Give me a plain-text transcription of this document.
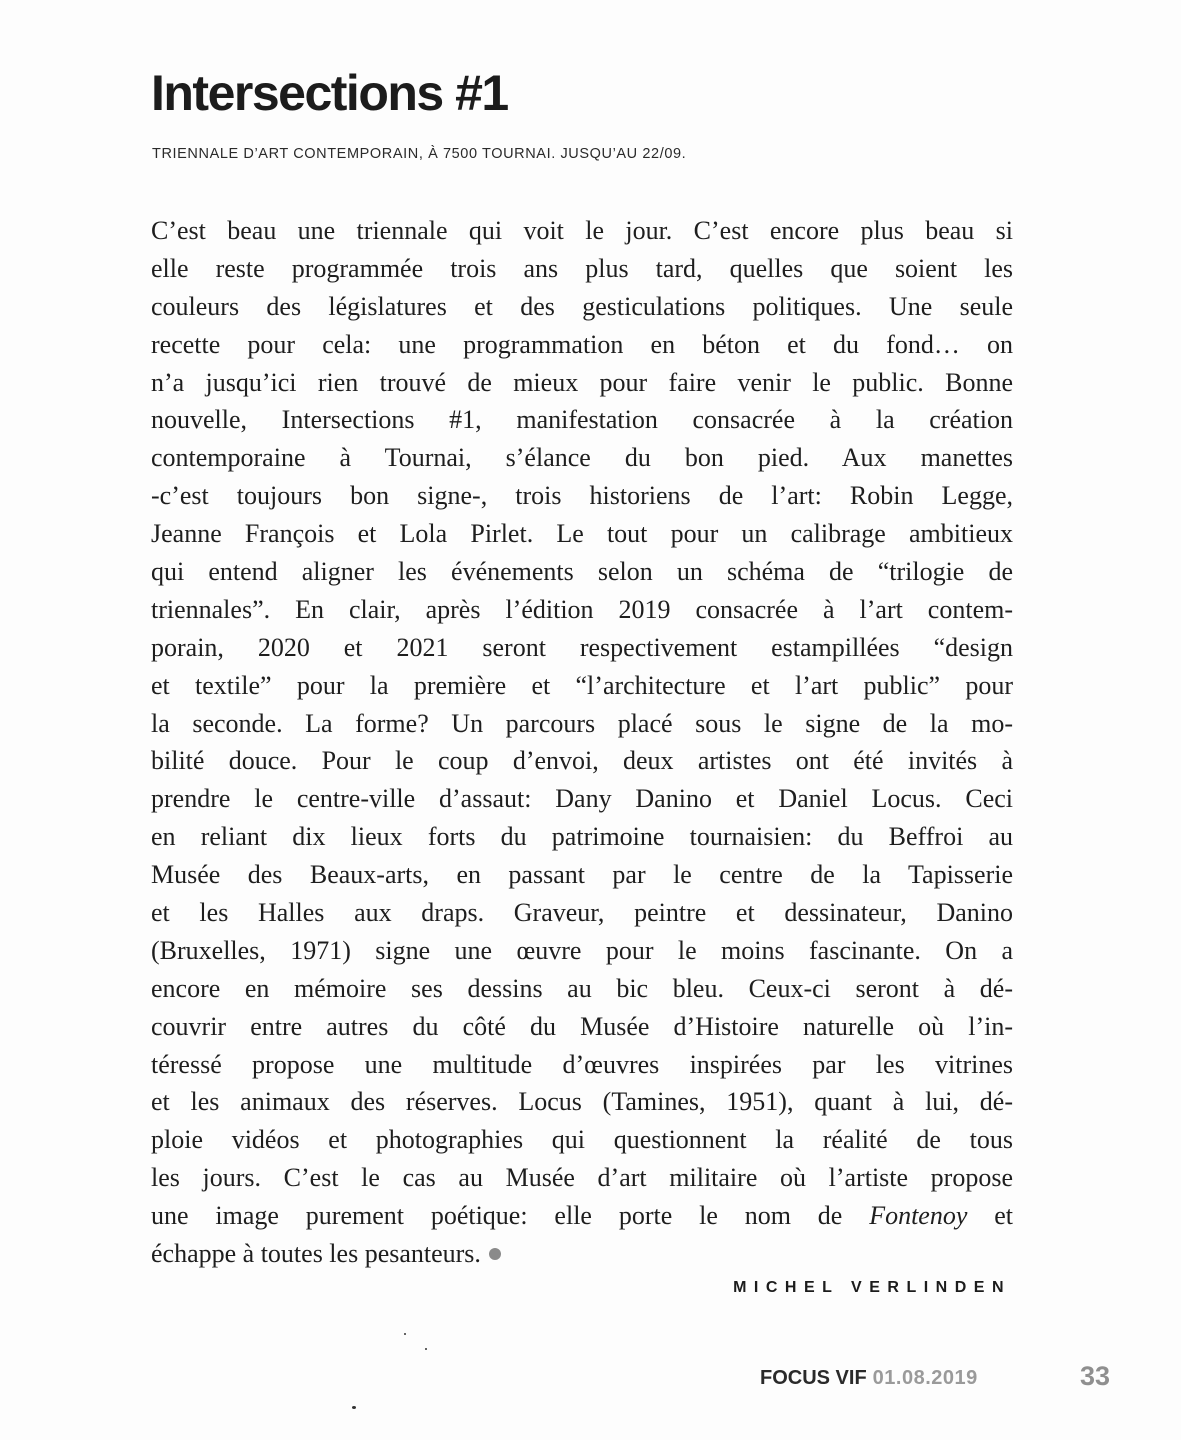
Intersections #1

TRIENNALE D’ART CONTEMPORAIN, À 7500 TOURNAI. JUSQU’AU 22/09.

C’est beau une triennale qui voit le jour. C’est encore plus beau si
elle reste programmée trois ans plus tard, quelles que soient les
couleurs des législatures et des gesticulations politiques. Une seule
recette pour cela: une programmation en béton et du fond… on
n’a jusqu’ici rien trouvé de mieux pour faire venir le public. Bonne
nouvelle, Intersections #1, manifestation consacrée à la création
contemporaine à Tournai, s’élance du bon pied. Aux manettes
-c’est toujours bon signe-, trois historiens de l’art: Robin Legge,
Jeanne François et Lola Pirlet. Le tout pour un calibrage ambitieux
qui entend aligner les événements selon un schéma de “trilogie de
triennales”. En clair, après l’édition 2019 consacrée à l’art contem-
porain, 2020 et 2021 seront respectivement estampillées “design
et textile” pour la première et “l’architecture et l’art public” pour
la seconde. La forme? Un parcours placé sous le signe de la mo-
bilité douce. Pour le coup d’envoi, deux artistes ont été invités à
prendre le centre-ville d’assaut: Dany Danino et Daniel Locus. Ceci
en reliant dix lieux forts du patrimoine tournaisien: du Beffroi au
Musée des Beaux-arts, en passant par le centre de la Tapisserie
et les Halles aux draps. Graveur, peintre et dessinateur, Danino
(Bruxelles, 1971) signe une œuvre pour le moins fascinante. On a
encore en mémoire ses dessins au bic bleu. Ceux-ci seront à dé-
couvrir entre autres du côté du Musée d’Histoire naturelle où l’in-
téressé propose une multitude d’œuvres inspirées par les vitrines
et les animaux des réserves. Locus (Tamines, 1951), quant à lui, dé-
ploie vidéos et photographies qui questionnent la réalité de tous
les jours. C’est le cas au Musée d’art militaire où l’artiste propose
une image purement poétique: elle porte le nom de Fontenoy et
échappe à toutes les pesanteurs.

MICHEL VERLINDEN

FOCUS VIF 01.08.2019	33
